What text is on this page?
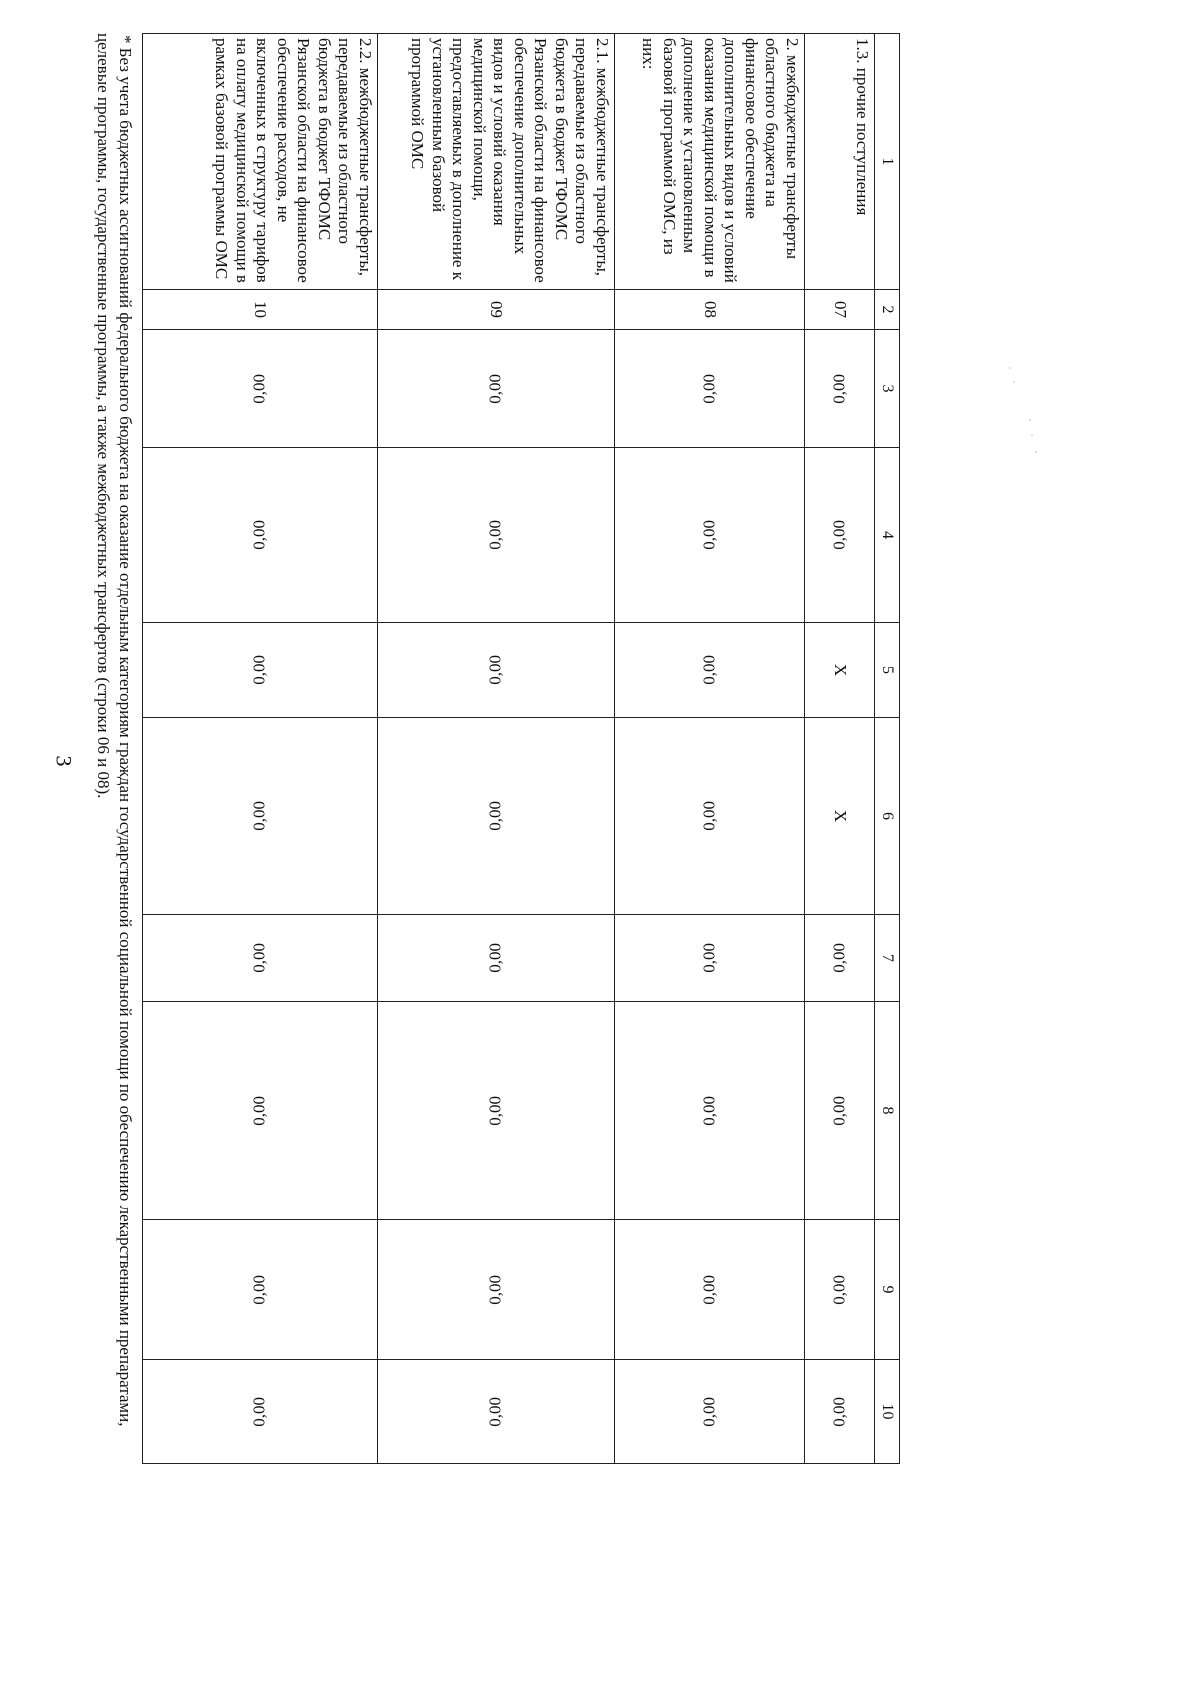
3
1	2	3	4	5	6	7	8	9	10
1.3. прочие поступления	07	0,00	0,00	Х	Х	0,00	0,00	0,00	0,00
2. межбюджетные трансферты областного бюджета на финансовое обеспечение дополнительных видов и условий оказания медицинской помощи в дополнение к установленным базовой программой ОМС, из них:	08	0,00	0,00	0,00	0,00	0,00	0,00	0,00	0,00
2.1. межбюджетные трансферты, передаваемые из областного бюджета в бюджет ТФОМС Рязанской области на финансовое обеспечение дополнительных видов и условий оказания медицинской помощи, предоставляемых в дополнение к установленным базовой программой ОМС	09	0,00	0,00	0,00	0,00	0,00	0,00	0,00	0,00
2.2. межбюджетные трансферты, передаваемые из областного бюджета в бюджет ТФОМС Рязанской области на финансовое обеспечение расходов, не включенных в структуру тарифов на оплату медицинской помощи в рамках базовой программы ОМС	10	0,00	0,00	0,00	0,00	0,00	0,00	0,00	0,00
* Без учета бюджетных ассигнований федерального бюджета на оказание отдельным категориям граждан государственной социальной помощи по обеспечению лекарственными препаратами, целевые программы, государственные программы, а также межбюджетных трансфертов (строки 06 и 08).
